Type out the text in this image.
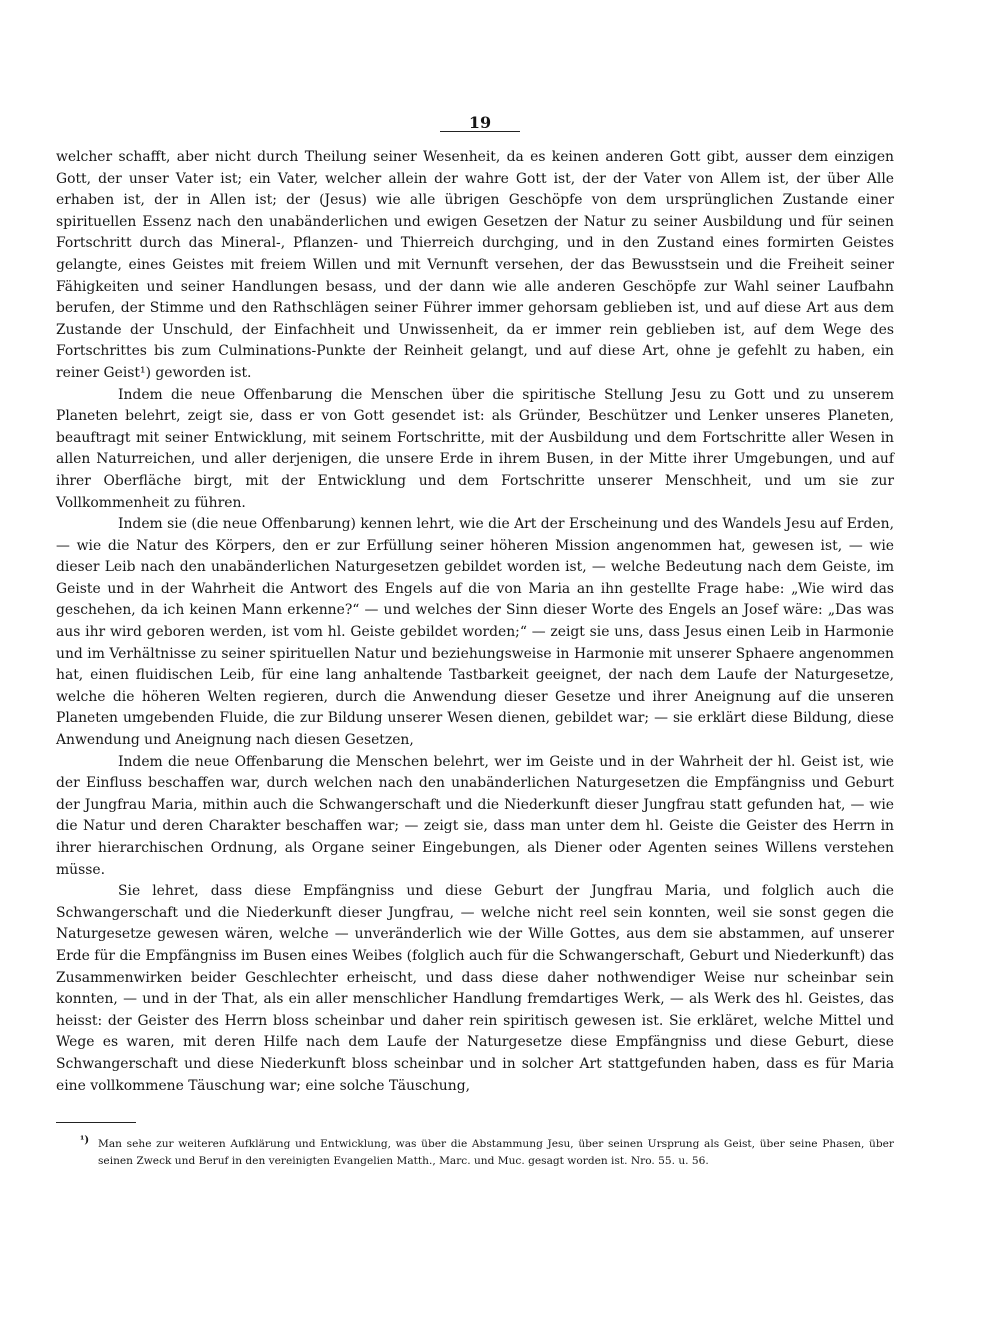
19

welcher schafft, aber nicht durch Theilung seiner Wesenheit, da es keinen anderen Gott gibt, ausser dem einzigen Gott, der unser Vater ist; ein Vater, welcher allein der wahre Gott ist, der der Vater von Allem ist, der über Alle erhaben ist, der in Allen ist; der (Jesus) wie alle übrigen Geschöpfe von dem ursprünglichen Zustande einer spirituellen Essenz nach den unabänderlichen und ewigen Gesetzen der Natur zu seiner Ausbildung und für seinen Fortschritt durch das Mineral-, Pflanzen- und Thierreich durchging, und in den Zustand eines formirten Geistes gelangte, eines Geistes mit freiem Willen und mit Vernunft versehen, der das Bewusstsein und die Freiheit seiner Fähigkeiten und seiner Handlungen besass, und der dann wie alle anderen Geschöpfe zur Wahl seiner Laufbahn berufen, der Stimme und den Rathschlägen seiner Führer immer gehorsam geblieben ist, und auf diese Art aus dem Zustande der Unschuld, der Einfachheit und Unwissenheit, da er immer rein geblieben ist, auf dem Wege des Fortschrittes bis zum Culminations-Punkte der Reinheit gelangt, und auf diese Art, ohne je gefehlt zu haben, ein reiner Geist¹) geworden ist.

Indem die neue Offenbarung die Menschen über die spiritische Stellung Jesu zu Gott und zu unserem Planeten belehrt, zeigt sie, dass er von Gott gesendet ist: als Gründer, Beschützer und Lenker unseres Planeten, beauftragt mit seiner Entwicklung, mit seinem Fortschritte, mit der Ausbildung und dem Fortschritte aller Wesen in allen Naturreichen, und aller derjenigen, die unsere Erde in ihrem Busen, in der Mitte ihrer Umgebungen, und auf ihrer Oberfläche birgt, mit der Entwicklung und dem Fortschritte unserer Menschheit, und um sie zur Vollkommenheit zu führen.

Indem sie (die neue Offenbarung) kennen lehrt, wie die Art der Erscheinung und des Wandels Jesu auf Erden, — wie die Natur des Körpers, den er zur Erfüllung seiner höheren Mission angenommen hat, gewesen ist, — wie dieser Leib nach den unabänderlichen Naturgesetzen gebildet worden ist, — welche Bedeutung nach dem Geiste, im Geiste und in der Wahrheit die Antwort des Engels auf die von Maria an ihn gestellte Frage habe: „Wie wird das geschehen, da ich keinen Mann erkenne?“ — und welches der Sinn dieser Worte des Engels an Josef wäre: „Das was aus ihr wird geboren werden, ist vom hl. Geiste gebildet worden;“ — zeigt sie uns, dass Jesus einen Leib in Harmonie und im Verhältnisse zu seiner spirituellen Natur und beziehungsweise in Harmonie mit unserer Sphaere angenommen hat, einen fluidischen Leib, für eine lang anhaltende Tastbarkeit geeignet, der nach dem Laufe der Naturgesetze, welche die höheren Welten regieren, durch die Anwendung dieser Gesetze und ihrer Aneignung auf die unseren Planeten umgebenden Fluide, die zur Bildung unserer Wesen dienen, gebildet war; — sie erklärt diese Bildung, diese Anwendung und Aneignung nach diesen Gesetzen,

Indem die neue Offenbarung die Menschen belehrt, wer im Geiste und in der Wahrheit der hl. Geist ist, wie der Einfluss beschaffen war, durch welchen nach den unabänderlichen Naturgesetzen die Empfängniss und Geburt der Jungfrau Maria, mithin auch die Schwangerschaft und die Niederkunft dieser Jungfrau statt gefunden hat, — wie die Natur und deren Charakter beschaffen war; — zeigt sie, dass man unter dem hl. Geiste die Geister des Herrn in ihrer hierarchischen Ordnung, als Organe seiner Eingebungen, als Diener oder Agenten seines Willens verstehen müsse.

Sie lehret, dass diese Empfängniss und diese Geburt der Jungfrau Maria, und folglich auch die Schwangerschaft und die Niederkunft dieser Jungfrau, — welche nicht reel sein konnten, weil sie sonst gegen die Naturgesetze gewesen wären, welche — unveränderlich wie der Wille Gottes, aus dem sie abstammen, auf unserer Erde für die Empfängniss im Busen eines Weibes (folglich auch für die Schwangerschaft, Geburt und Niederkunft) das Zusammenwirken beider Geschlechter erheischt, und dass diese daher nothwendiger Weise nur scheinbar sein konnten, — und in der That, als ein aller menschlicher Handlung fremdartiges Werk, — als Werk des hl. Geistes, das heisst: der Geister des Herrn bloss scheinbar und daher rein spiritisch gewesen ist. Sie erkläret, welche Mittel und Wege es waren, mit deren Hilfe nach dem Laufe der Naturgesetze diese Empfängniss und diese Geburt, diese Schwangerschaft und diese Niederkunft bloss scheinbar und in solcher Art stattgefunden haben, dass es für Maria eine vollkommene Täuschung war; eine solche Täuschung,

¹) Man sehe zur weiteren Aufklärung und Entwicklung, was über die Abstammung Jesu, über seinen Ursprung als Geist, über seine Phasen, über seinen Zweck und Beruf in den vereinigten Evangelien Matth., Marc. und Muc. gesagt worden ist. Nro. 55. u. 56.
